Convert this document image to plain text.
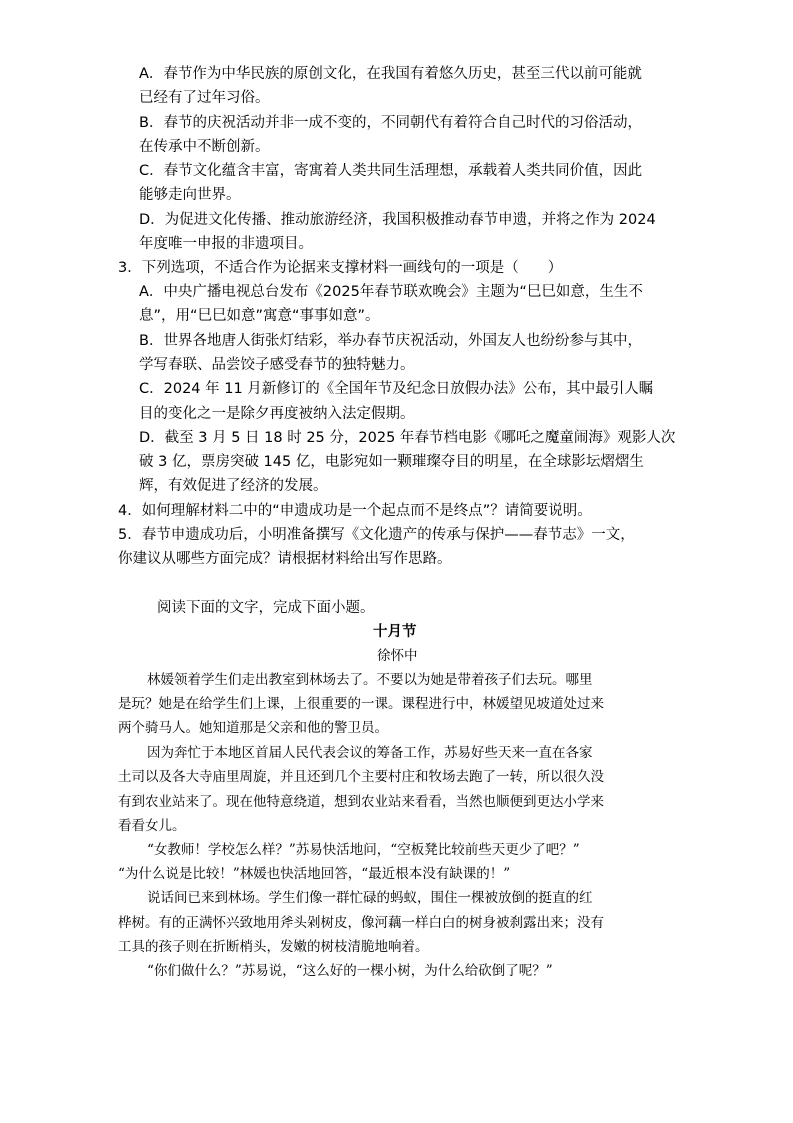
A．春节作为中华民族的原创文化，在我国有着悠久历史，甚至三代以前可能就

已经有了过年习俗。

B．春节的庆祝活动并非一成不变的，不同朝代有着符合自己时代的习俗活动，

在传承中不断创新。

C．春节文化蕴含丰富，寄寓着人类共同生活理想，承载着人类共同价值，因此

能够走向世界。

D．为促进文化传播、推动旅游经济，我国积极推动春节申遗，并将之作为 2024

年度唯一申报的非遗项目。

3．下列选项，不适合作为论据来支撑材料一画线句的一项是（　　）

A．中央广播电视总台发布《2025年春节联欢晚会》主题为“巳巳如意，生生不

息”，用“巳巳如意”寓意“事事如意”。

B．世界各地唐人街张灯结彩，举办春节庆祝活动，外国友人也纷纷参与其中，

学写春联、品尝饺子感受春节的独特魅力。

C．2024 年 11 月新修订的《全国年节及纪念日放假办法》公布，其中最引人瞩

目的变化之一是除夕再度被纳入法定假期。

D．截至 3 月 5 日 18 时 25 分，2025 年春节档电影《哪吒之魔童闹海》观影人次

破 3 亿，票房突破 145 亿，电影宛如一颗璀璨夺目的明星，在全球影坛熠熠生

辉，有效促进了经济的发展。

4．如何理解材料二中的“申遗成功是一个起点而不是终点”？请简要说明。

5．春节申遗成功后，小明准备撰写《文化遗产的传承与保护——春节志》一文，

你建议从哪些方面完成？请根据材料给出写作思路。

阅读下面的文字，完成下面小题。

十月节

徐怀中

林媛领着学生们走出教室到林场去了。不要以为她是带着孩子们去玩。哪里

是玩？她是在给学生们上课，上很重要的一课。课程进行中，林媛望见坡道处过来

两个骑马人。她知道那是父亲和他的警卫员。

因为奔忙于本地区首届人民代表会议的筹备工作，苏易好些天来一直在各家

土司以及各大寺庙里周旋，并且还到几个主要村庄和牧场去跑了一转，所以很久没

有到农业站来了。现在他特意绕道，想到农业站来看看，当然也顺便到更达小学来

看看女儿。

“女教师！学校怎么样？”苏易快活地问，“空板凳比较前些天更少了吧？”

“为什么说是比较！”林媛也快活地回答，“最近根本没有缺课的！”

说话间已来到林场。学生们像一群忙碌的蚂蚁，围住一棵被放倒的挺直的红

桦树。有的正满怀兴致地用斧头剁树皮，像河藕一样白白的树身被刹露出来；没有

工具的孩子则在折断梢头，发嫩的树枝清脆地响着。

“你们做什么？”苏易说，“这么好的一棵小树，为什么给砍倒了呢？”
